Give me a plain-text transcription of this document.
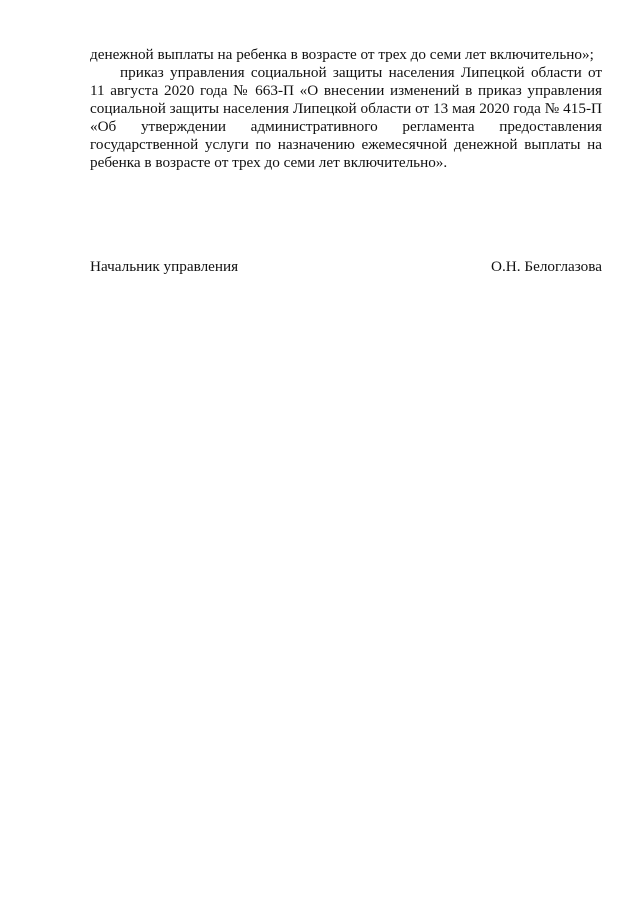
денежной выплаты на ребенка в возрасте от трех до семи лет включительно»;

приказ управления социальной защиты населения Липецкой области от 11 августа 2020 года № 663-П «О внесении изменений в приказ управления социальной защиты населения Липецкой области от 13 мая 2020 года № 415-П «Об утверждении административного регламента предоставления государственной услуги по назначению ежемесячной денежной выплаты на ребенка в возрасте от трех до семи лет включительно».

Начальник управления	О.Н. Белоглазова
